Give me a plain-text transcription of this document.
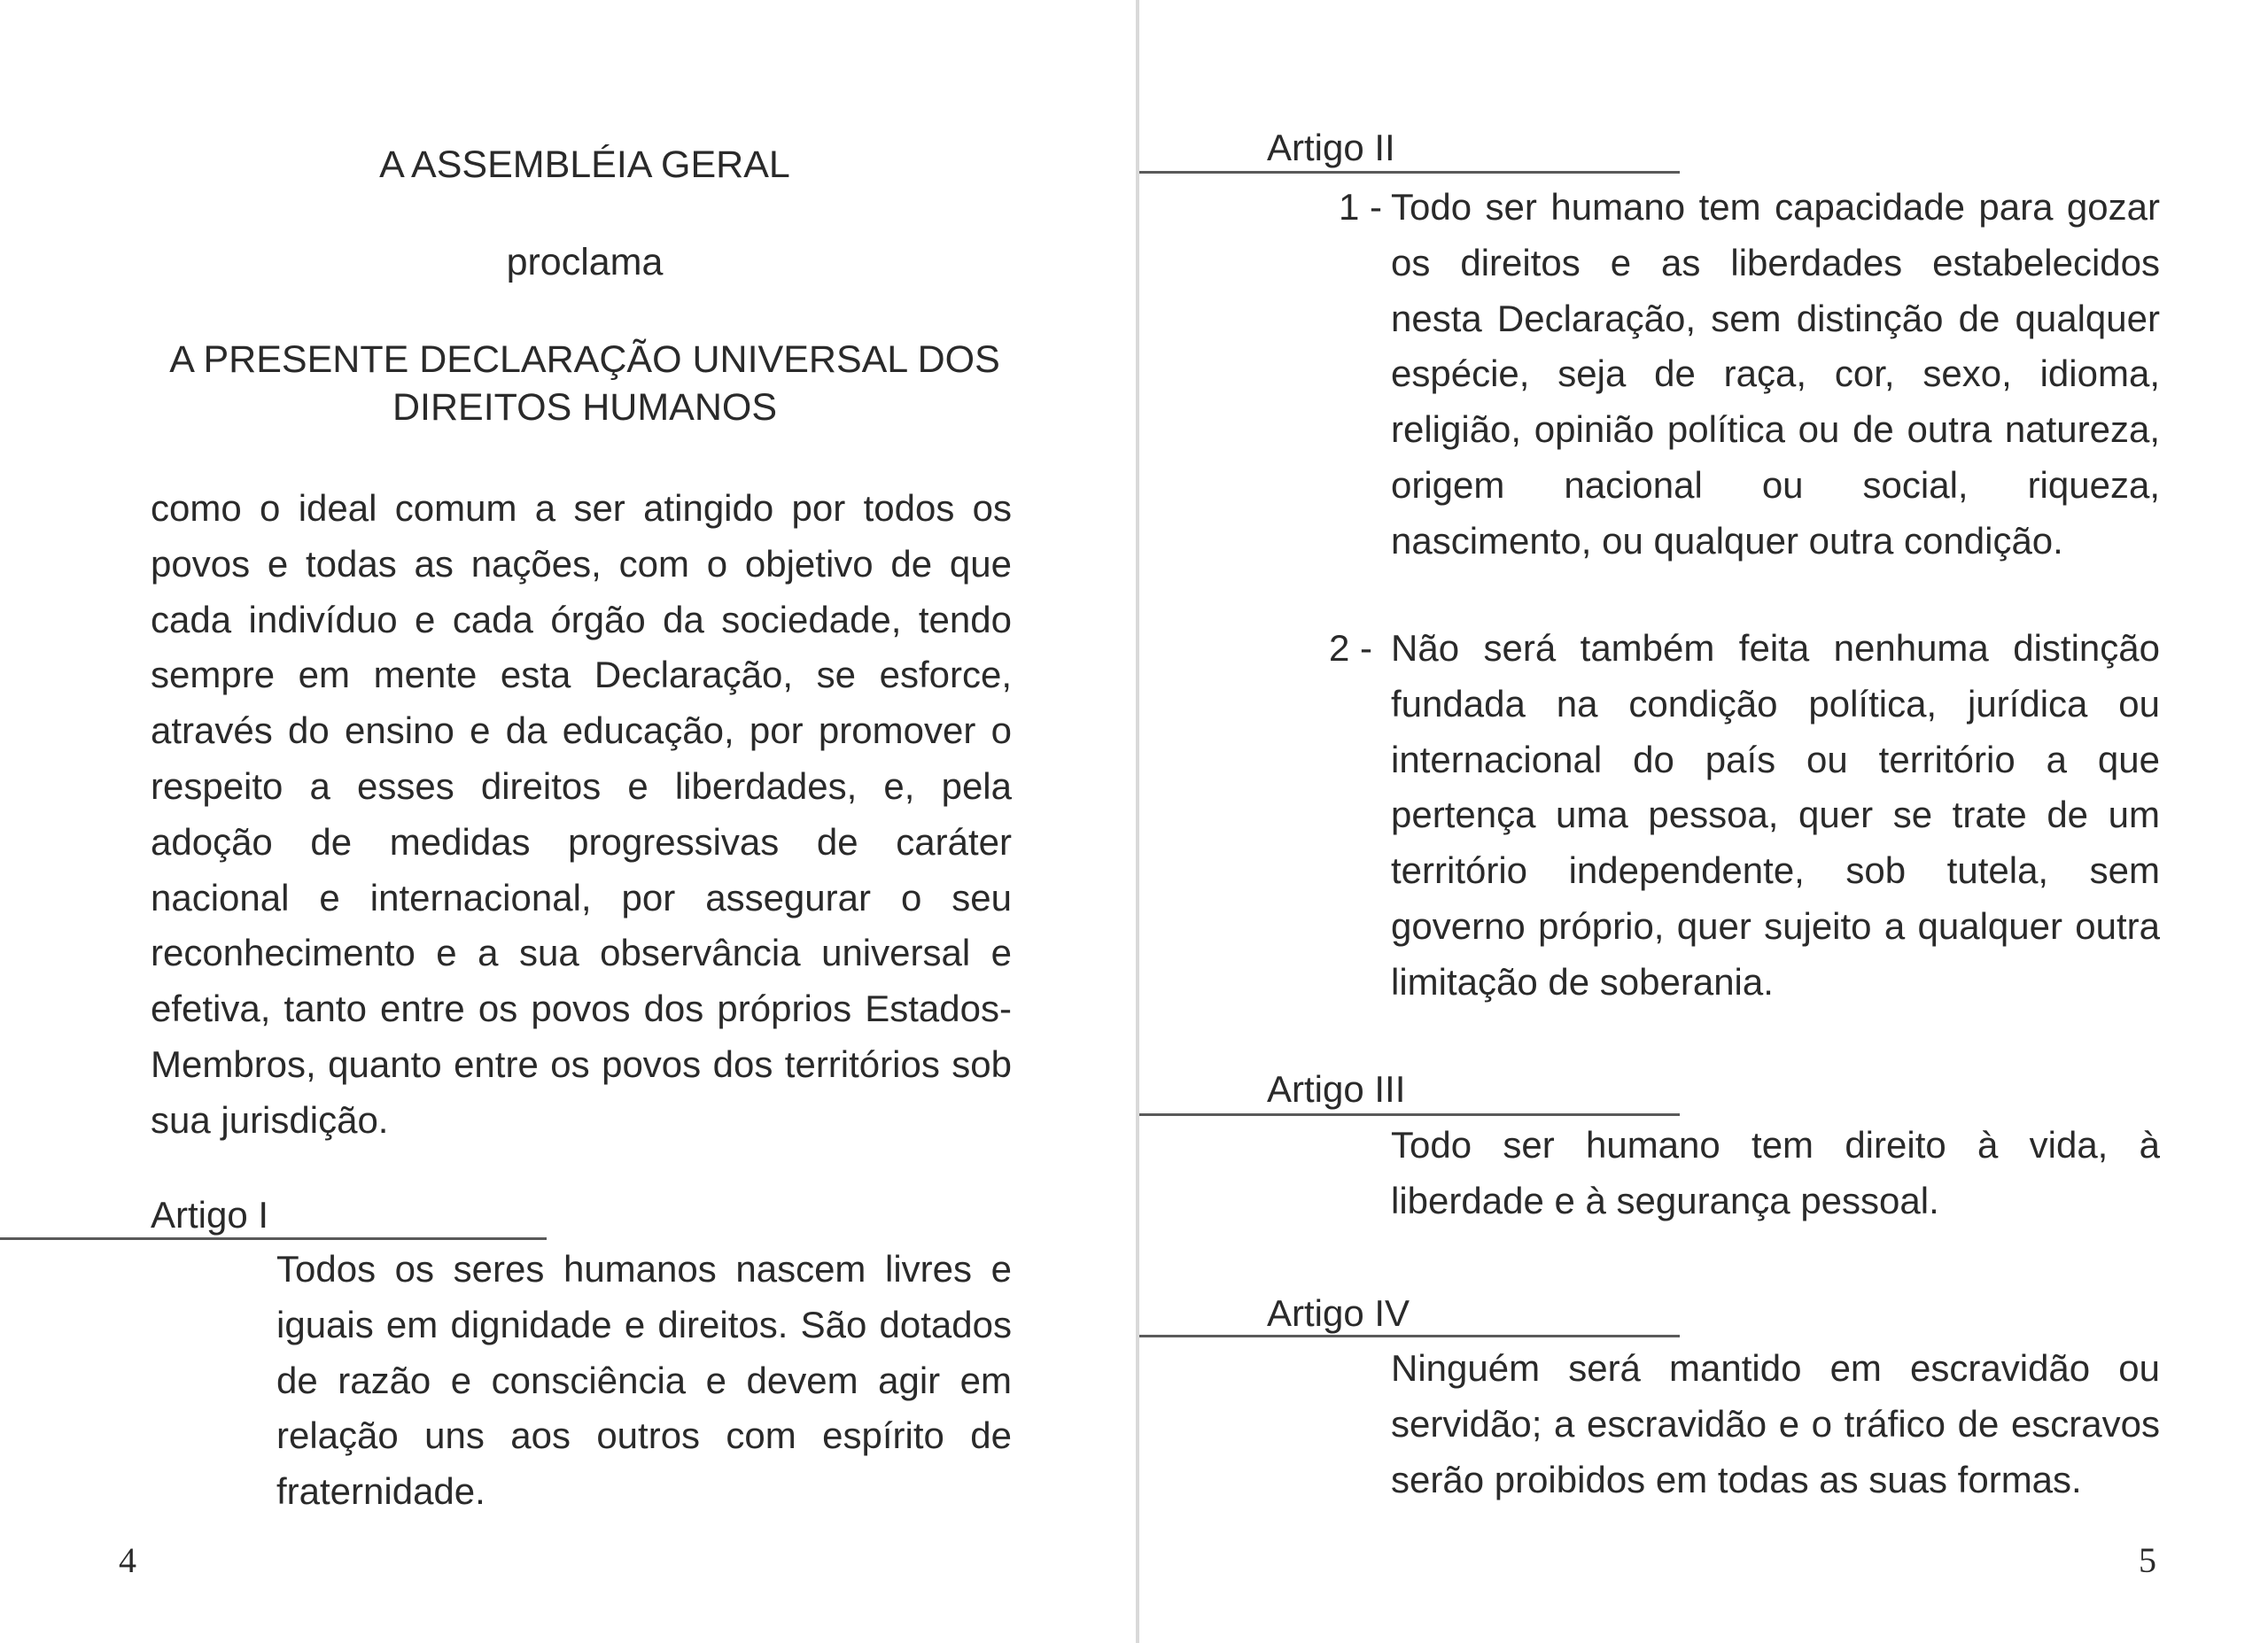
A ASSEMBLÉIA GERAL
proclama
A PRESENTE DECLARAÇÃO UNIVERSAL DOS
DIREITOS HUMANOS

como o ideal comum a ser atingido por todos os povos e todas as nações, com o objetivo de que cada indivíduo e cada órgão da sociedade, tendo sempre em mente esta Declaração, se esforce, através do ensino e da educação, por promover o respeito a esses direitos e liberdades, e, pela adoção de medidas progressivas de caráter nacional e internacional, por assegurar o seu reconhecimento e a sua observância universal e efetiva, tanto entre os povos dos próprios Estados-Membros, quanto entre os povos dos territórios sob sua jurisdição.

Artigo I

Todos os seres humanos nascem livres e iguais em dignidade e direitos. São dotados de razão e consciência e devem agir em relação uns aos outros com espírito de fraternidade.

4
Artigo II
1 - Todo ser humano tem capacidade para gozar os direitos e as liberdades estabelecidos nesta Declaração, sem distinção de qualquer espécie, seja de raça, cor, sexo, idioma, religião, opinião política ou de outra natureza, origem nacional ou social, riqueza, nascimento, ou qualquer outra condição.

2 - Não será também feita nenhuma distinção fundada na condição política, jurídica ou internacional do país ou território a que pertença uma pessoa, quer se trate de um território independente, sob tutela, sem governo próprio, quer sujeito a qualquer outra limitação de soberania.

Artigo III

Todo ser humano tem direito à vida, à liberdade e à segurança pessoal.

Artigo IV

Ninguém será mantido em escravidão ou servidão; a escravidão e o tráfico de escravos serão proibidos em todas as suas formas.

5
